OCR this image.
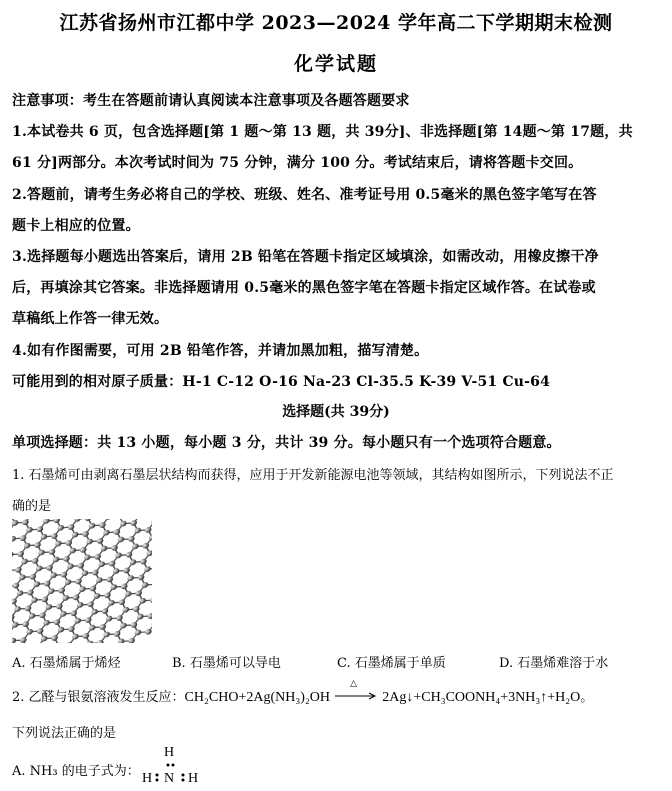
江苏省扬州市江都中学 2023—2024 学年高二下学期期末检测
化学试题
注意事项：考生在答题前请认真阅读本注意事项及各题答题要求
1.本试卷共 6 页，包含选择题[第 1 题～第 13 题，共 39分]、非选择题[第 14题～第 17题，共
61 分]两部分。本次考试时间为 75 分钟，满分 100 分。考试结束后，请将答题卡交回。
2.答题前，请考生务必将自己的学校、班级、姓名、准考证号用 0.5毫米的黑色签字笔写在答
题卡上相应的位置。
3.选择题每小题选出答案后，请用 2B 铅笔在答题卡指定区域填涂，如需改动，用橡皮擦干净
后，再填涂其它答案。非选择题请用 0.5毫米的黑色签字笔在答题卡指定区域作答。在试卷或
草稿纸上作答一律无效。
4.如有作图需要，可用 2B 铅笔作答，并请加黑加粗，描写清楚。
可能用到的相对原子质量：H-1 C-12 O-16 Na-23 Cl-35.5 K-39 V-51 Cu-64
选择题(共 39分)
单项选择题：共 13 小题，每小题 3 分，共计 39 分。每小题只有一个选项符合题意。
1. 石墨烯可由剥离石墨层状结构而获得，应用于开发新能源电池等领域，其结构如图所示，下列说法不正
确的是
A. 石墨烯属于烯烃	B. 石墨烯可以导电	C. 石墨烯属于单质	D. 石墨烯难溶于水
2. 乙醛与银氨溶液发生反应：CH₂CHO+2Ag(NH₃)₂OH
△
2Ag↓+CH₃COONH₄+3NH₃↑+H₂O。
下列说法正确的是
A. NH₃ 的电子式为：
H
H N H
